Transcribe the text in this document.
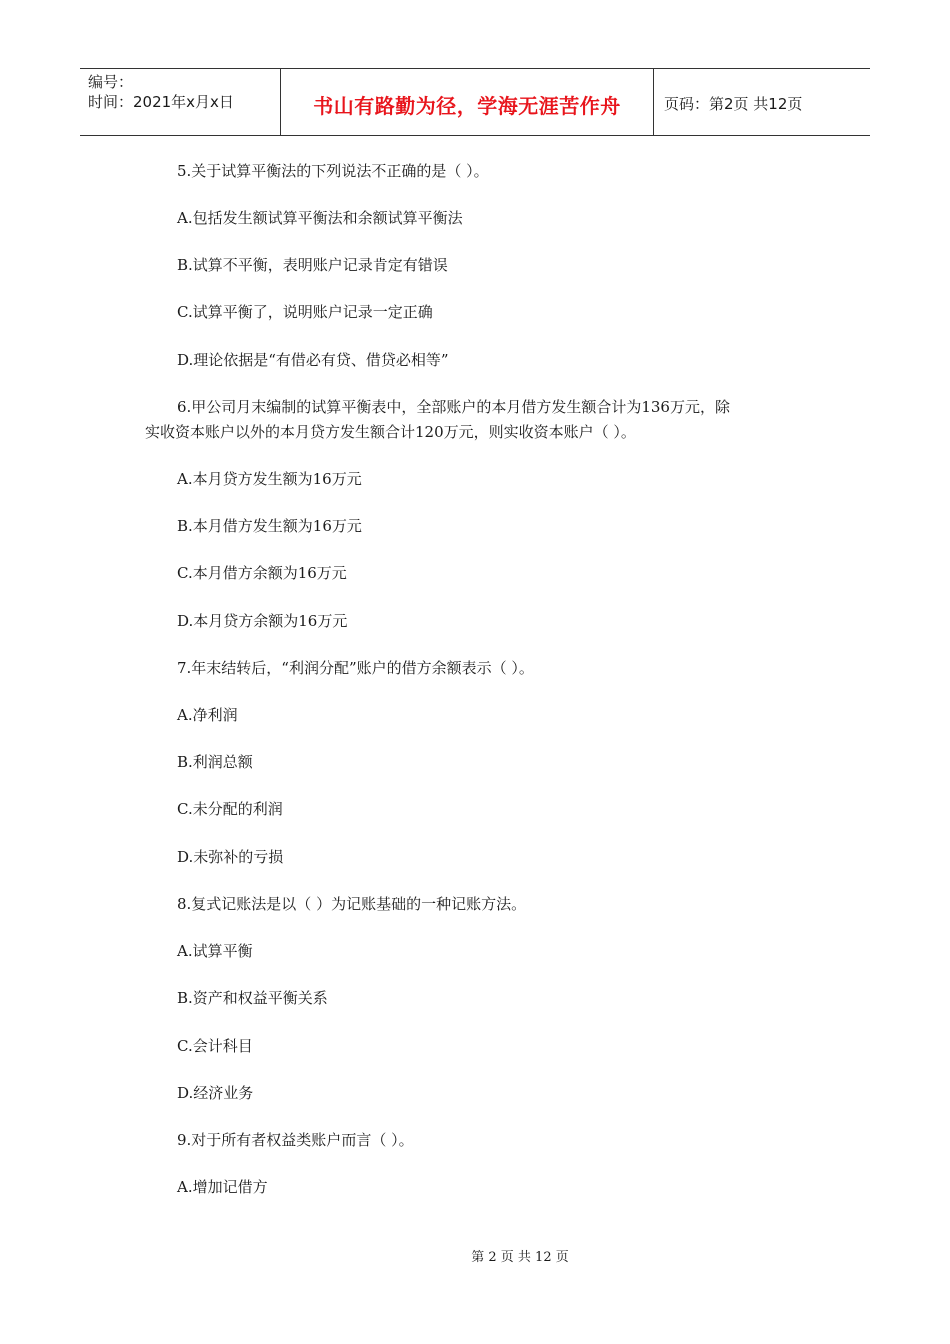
编号：
时间：2021年x月x日	书山有路勤为径，学海无涯苦作舟	页码：第2页 共12页
5.关于试算平衡法的下列说法不正确的是（ ）。
A.包括发生额试算平衡法和余额试算平衡法
B.试算不平衡，表明账户记录肯定有错误
C.试算平衡了，说明账户记录一定正确
D.理论依据是“有借必有贷、借贷必相等”
6.甲公司月末编制的试算平衡表中，全部账户的本月借方发生额合计为136万元，除
实收资本账户以外的本月贷方发生额合计120万元，则实收资本账户（ ）。
A.本月贷方发生额为16万元
B.本月借方发生额为16万元
C.本月借方余额为16万元
D.本月贷方余额为16万元
7.年末结转后，“利润分配”账户的借方余额表示（ ）。
A.净利润
B.利润总额
C.未分配的利润
D.未弥补的亏损
8.复式记账法是以（ ）为记账基础的一种记账方法。
A.试算平衡
B.资产和权益平衡关系
C.会计科目
D.经济业务
9.对于所有者权益类账户而言（ ）。
A.增加记借方
第 2 页 共 12 页
